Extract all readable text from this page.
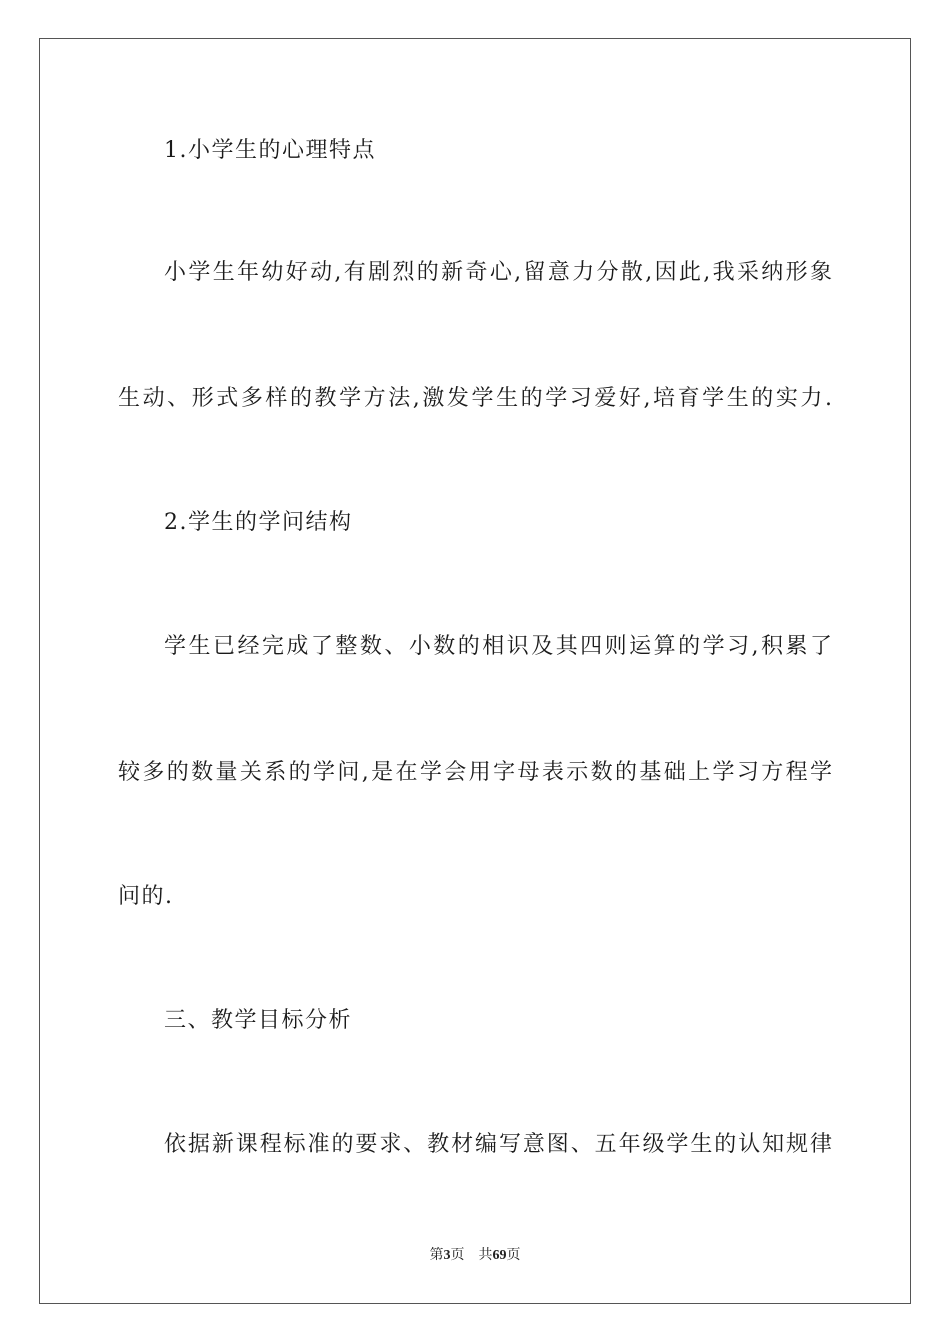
1.小学生的心理特点
小学生年幼好动,有剧烈的新奇心,留意力分散,因此,我采纳形象
生动、形式多样的教学方法,激发学生的学习爱好,培育学生的实力.
2.学生的学问结构
学生已经完成了整数、小数的相识及其四则运算的学习,积累了
较多的数量关系的学问,是在学会用字母表示数的基础上学习方程学
问的.
三、教学目标分析
依据新课程标准的要求、教材编写意图、五年级学生的认知规律
第3页 共69页
